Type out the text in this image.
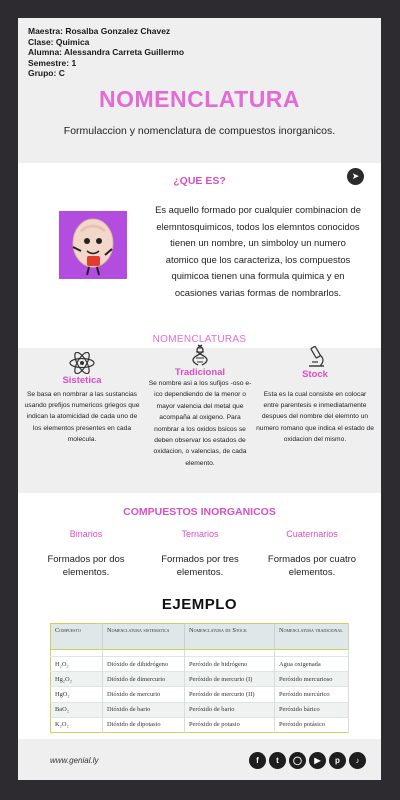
Maestra: Rosalba Gonzalez Chavez
Clase: Quimica
Alumna: Alessandra Carreta Guillermo
Semestre: 1
Grupo: C
NOMENCLATURA
Formulaccion y nomenclatura de compuestos inorganicos.
¿QUE ES?	➤
Es aquello formado por cualquier combinacion de elemntosquimicos, todos los elemntos conocidos tienen un nombre, un simboloy un numero atomico que los caracteriza, los compuestos quimicoa tienen una formula quimica y en ocasiones varias formas de nombrarlos.
NOMENCLATURAS
Sistetica
Se basa en nombrar a las sustancias usando prefijos numericos griegos que indican la atomicidad de cada uno de los elementos presentes en cada molecula.
Tradicional
Se nombre asi a los sufijos -oso e-ico dependiendo de la menor o mayor valencia del metal que acompaña al oxigeno. Para nombrar a los oxidos bsicos se deben observar los estados de oxidacion, o valencias, de cada elemento.
Stock
Esta es la cual consiste en colocar entre parentesis e inmediatamente despues del nombre del elemnto un numero romano que indica el estado de oxidacion del mismo.
COMPUESTOS INORGANICOS
Binarios
Formados por dos elementos.
Ternarios
Formados por tres elementos.
Cuaternarios
Formados por cuatro elementos.
EJEMPLO
Compuesto	Nomenclatura sistematica	Nomenclatura de Stock	Nomenclatura tradicional

H₂O₂	Dióxido de dihidrógeno	Peróxido de hidrógeno	Agua oxigenada
Hg₂O₂	Dióxido de dimercurio	Peróxido de mercurio (I)	Peróxido mercurioso
HgO₂	Dióxido de mercurio	Peróxido de mercurio (II)	Peróxido mercúrico
BaO₂	Dióxido de bario	Peróxido de bario	Peróxido bárico
K₂O₂	Dióxido de dipotasio	Peróxido de potasio	Peróxido potásico
www.genial.ly	f	t	◯	▶	p	♪
